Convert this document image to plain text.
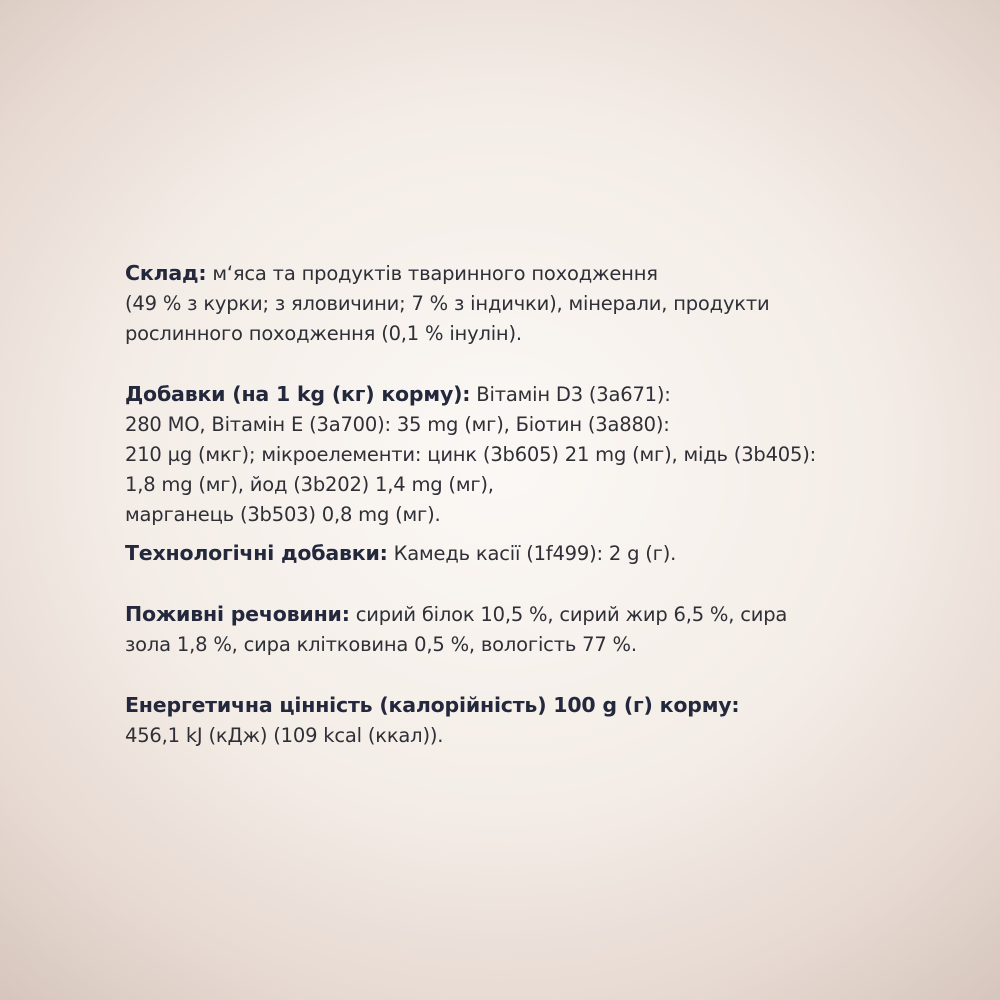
Склад: м‘яса та продуктів тваринного походження
(49 % з курки; з яловичини; 7 % з індички), мінерали, продукти
рослинного походження (0,1 % інулін).

Добавки (на 1 kg (кг) корму): Вітамін D3 (3a671):
280 МО, Вітамін Е (3а700): 35 mg (мг), Біотин (3а880):
210 µg (мкг); мікроелементи: цинк (3b605) 21 mg (мг), мідь (3b405):
1,8 mg (мг), йод (3b202) 1,4 mg (мг),
марганець (3b503) 0,8 mg (мг).

Технологічні добавки: Камедь касії (1f499): 2 g (г).

Поживні речовини: сирий білок 10,5 %, сирий жир 6,5 %, сира
зола 1,8 %, сира клітковина 0,5 %, вологість 77 %.

Енергетична цінність (калорійність) 100 g (г) корму:
456,1 kJ (кДж) (109 kcal (ккал)).
